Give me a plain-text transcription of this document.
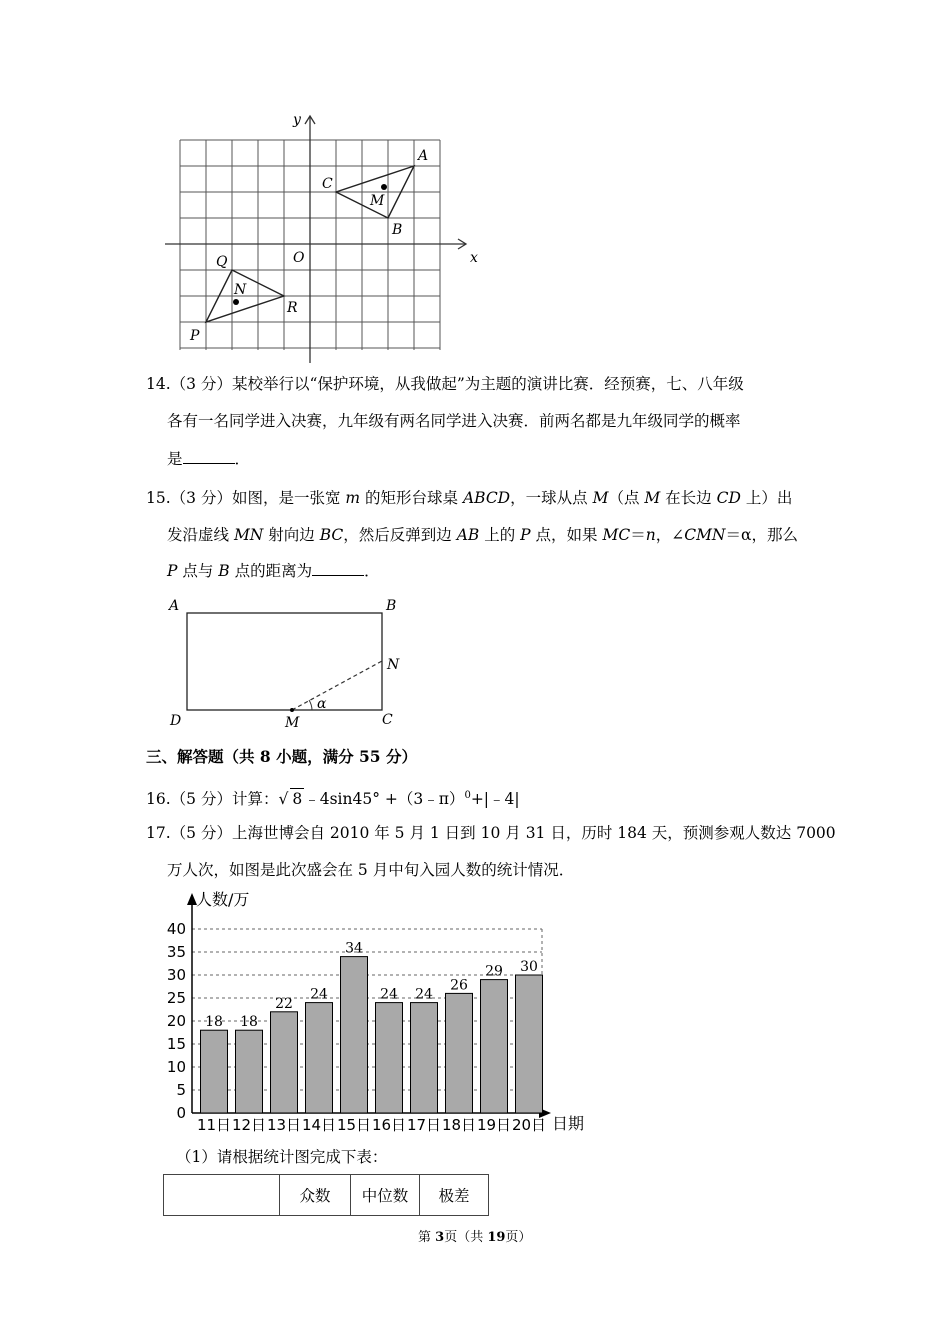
x
y
O
A
B
C
M
Q
N
R
P
14.（3 分）某校举行以“保护环境，从我做起”为主题的演讲比赛．经预赛，七、八年级
各有一名同学进入决赛，九年级有两名同学进入决赛．前两名都是九年级同学的概率
是	．
15.（3 分）如图，是一张宽 m 的矩形台球桌 ABCD，一球从点 M（点 M 在长边 CD 上）出
发沿虚线 MN 射向边 BC，然后反弹到边 AB 上的 P 点，如果 MC＝n，∠CMN＝α，那么
P 点与 B 点的距离为	．
A	B
C
D	M
N
α
三、解答题（共 8 小题，满分 55 分）
16.（5 分）计算：√ 8 ﹣4sin45° +（3﹣π）$^0$+|﹣4|
17.（5 分）上海世博会自 2010 年 5 月 1 日到 10 月 31 日，历时 184 天，预测参观人数达 7000
万人次，如图是此次盛会在 5 月中旬入园人数的统计情况．
0
5
10
15
20
25
30
35
40
人数/万
日期
18
11日
18
12日
22
13日
24
14日
34
15日
24
16日
24
17日
26
18日
29
19日
30
20日
（1）请根据统计图完成下表：
	众数	中位数	极差
第 3页（共 19页）
